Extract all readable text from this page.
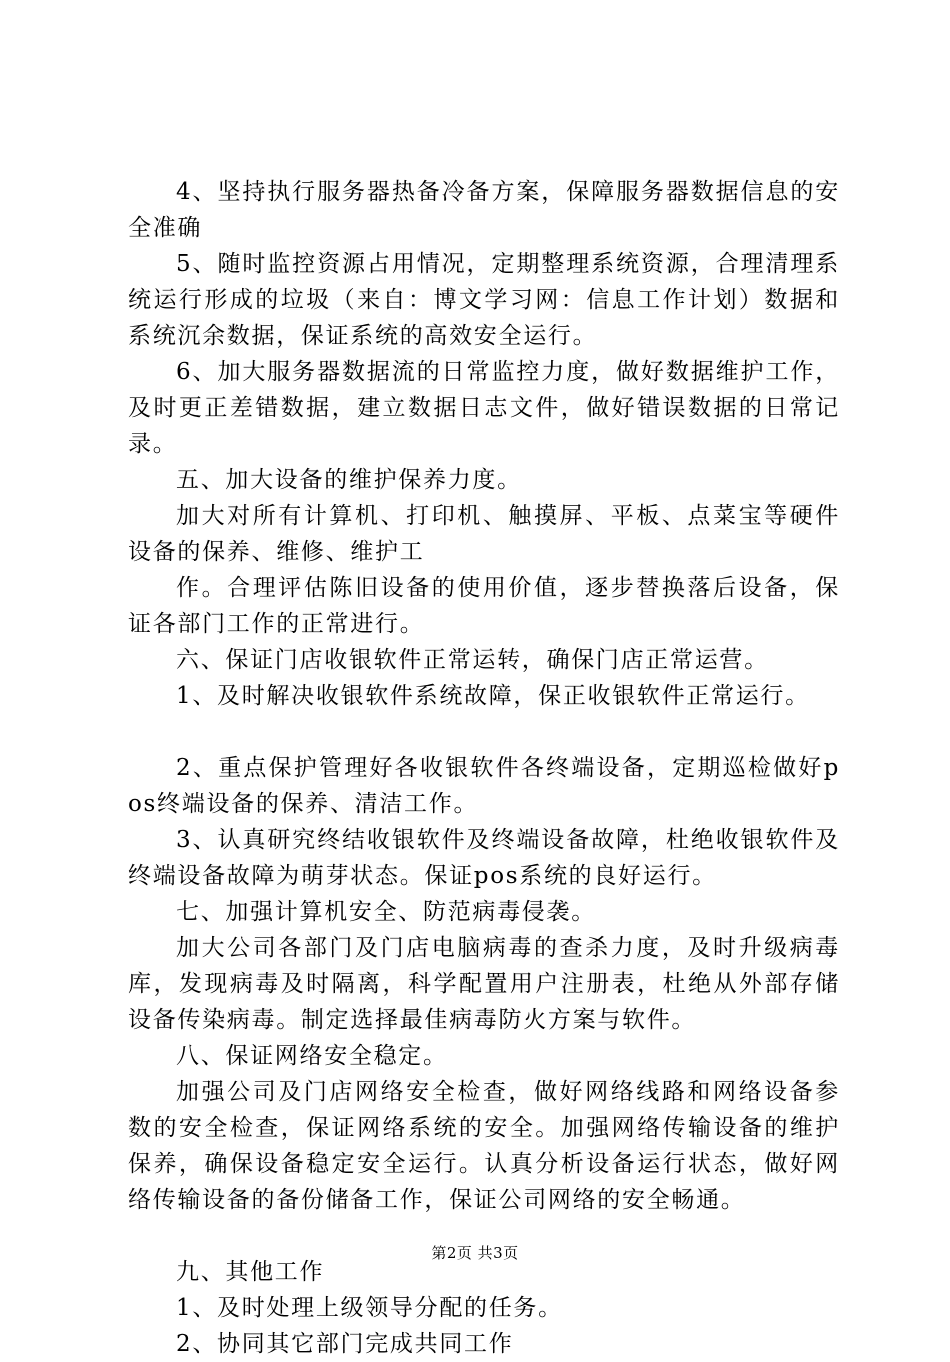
4、坚持执行服务器热备冷备方案，保障服务器数据信息的安全准确

5、随时监控资源占用情况，定期整理系统资源，合理清理系统运行形成的垃圾（来自：博文学习网：信息工作计划）数据和系统沉余数据，保证系统的高效安全运行。

6、加大服务器数据流的日常监控力度，做好数据维护工作，及时更正差错数据，建立数据日志文件，做好错误数据的日常记录。

五、加大设备的维护保养力度。

加大对所有计算机、打印机、触摸屏、平板、点菜宝等硬件设备的保养、维修、维护工

作。合理评估陈旧设备的使用价值，逐步替换落后设备，保证各部门工作的正常进行。

六、保证门店收银软件正常运转，确保门店正常运营。

1、及时解决收银软件系统故障，保正收银软件正常运行。

2、重点保护管理好各收银软件各终端设备，定期巡检做好pos终端设备的保养、清洁工作。

3、认真研究终结收银软件及终端设备故障，杜绝收银软件及终端设备故障为萌芽状态。保证pos系统的良好运行。

七、加强计算机安全、防范病毒侵袭。

加大公司各部门及门店电脑病毒的查杀力度，及时升级病毒库，发现病毒及时隔离，科学配置用户注册表，杜绝从外部存储设备传染病毒。制定选择最佳病毒防火方案与软件。

八、保证网络安全稳定。

加强公司及门店网络安全检查，做好网络线路和网络设备参数的安全检查，保证网络系统的安全。加强网络传输设备的维护保养，确保设备稳定安全运行。认真分析设备运行状态，做好网络传输设备的备份储备工作，保证公司网络的安全畅通。

九、其他工作

1、及时处理上级领导分配的任务。

2、协同其它部门完成共同工作

第2页 共3页
